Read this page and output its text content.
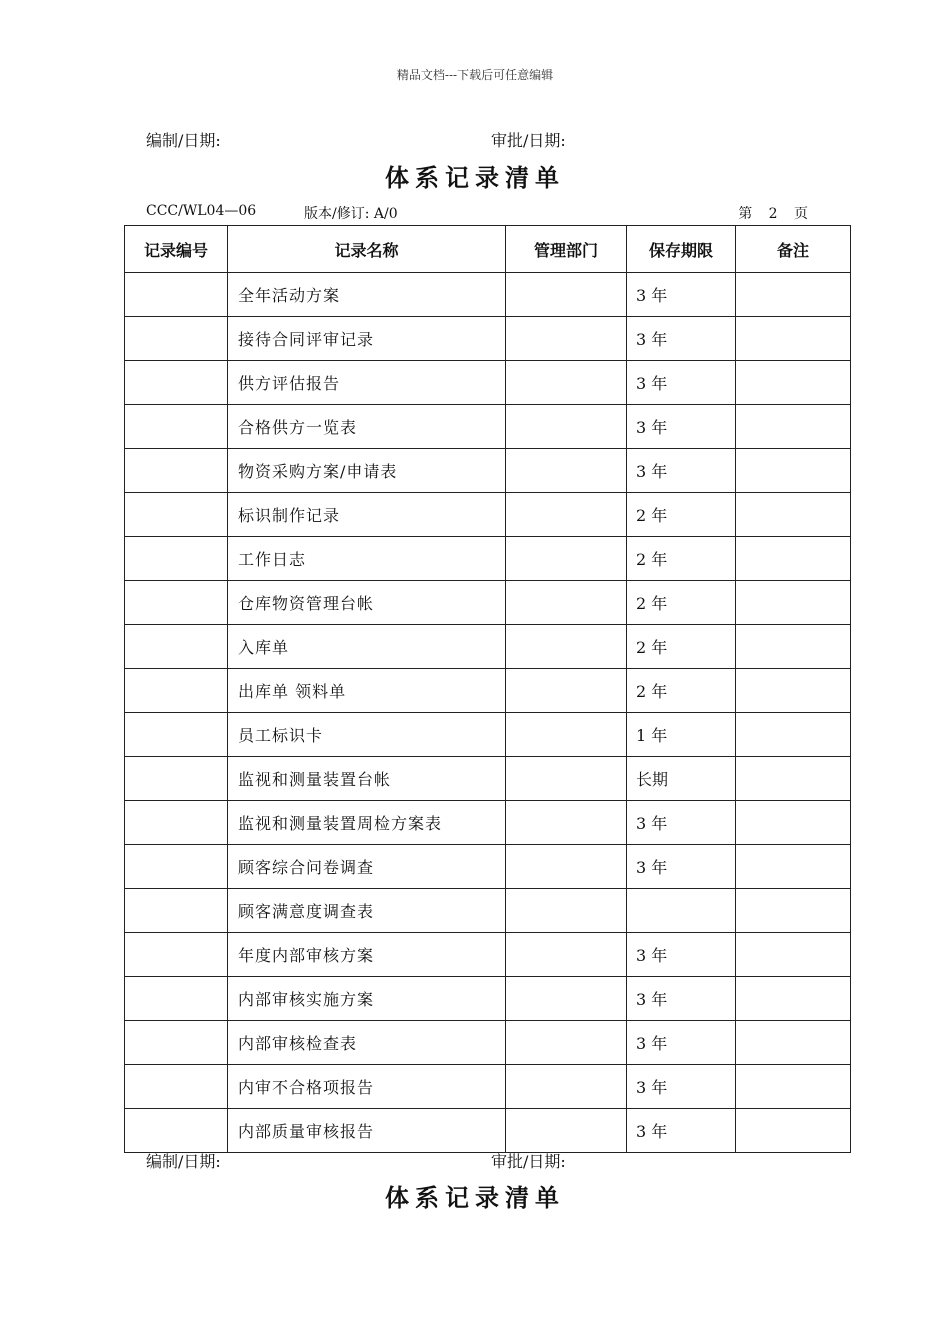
精品文档---下载后可任意编辑
编制/日期:	审批/日期:
体系记录清单
CCC/WL04—06	版本/修订: A/0	第 2 页
记录编号	记录名称	管理部门	保存期限	备注
	全年活动方案		3 年	
	接待合同评审记录		3 年	
	供方评估报告		3 年	
	合格供方一览表		3 年	
	物资采购方案/申请表		3 年	
	标识制作记录		2 年	
	工作日志		2 年	
	仓库物资管理台帐		2 年	
	入库单		2 年	
	出库单 领料单		2 年	
	员工标识卡		1 年	
	监视和测量装置台帐		长期	
	监视和测量装置周检方案表		3 年	
	顾客综合问卷调查		3 年	
	顾客满意度调查表			
	年度内部审核方案		3 年	
	内部审核实施方案		3 年	
	内部审核检查表		3 年	
	内审不合格项报告		3 年	
	内部质量审核报告		3 年	
编制/日期:	审批/日期:
体系记录清单
